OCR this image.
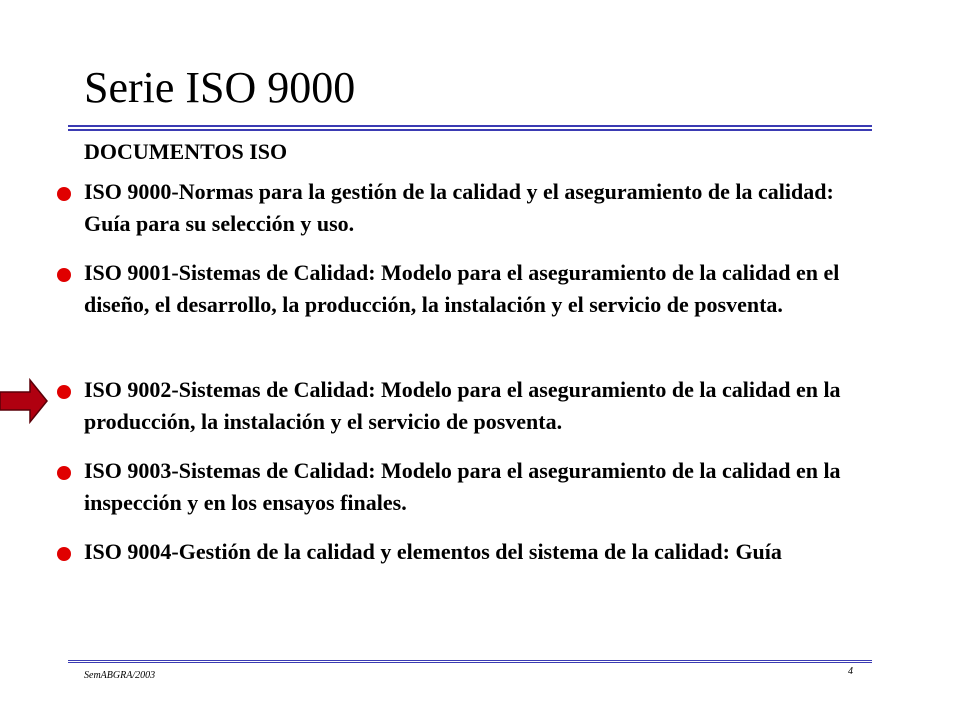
Serie ISO 9000
DOCUMENTOS ISO
ISO 9000-Normas para la gestión de la calidad y el aseguramiento de la calidad: Guía para su selección y uso.
ISO 9001-Sistemas de Calidad: Modelo para el aseguramiento de la calidad en el diseño, el desarrollo, la producción, la instalación y el servicio de posventa.
ISO 9002-Sistemas de Calidad: Modelo para el aseguramiento de la calidad en la producción, la instalación y el servicio de posventa.
ISO 9003-Sistemas de Calidad: Modelo para el aseguramiento de la calidad en la inspección y en los ensayos finales.
ISO 9004-Gestión de la calidad y elementos del sistema de la calidad: Guía
SemABGRA/2003	4
